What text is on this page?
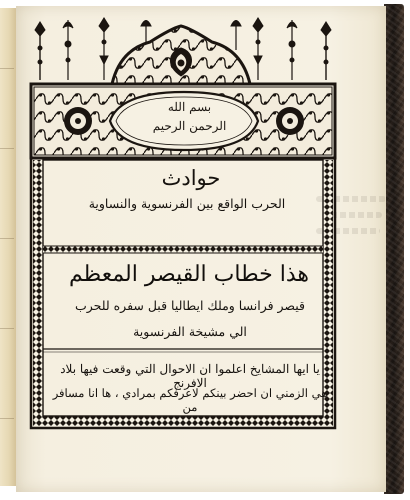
بسم الله
الرحمن الرحيم
حوادث
الحرب الواقع بين الفرنسوية والنساوية
هذا خطاب القيصر المعظم
قيصر فرانسا وملك ايطاليا قبل سفره للحرب
الي مشيخة الفرنسوية
يا ايها المشايخ اعلموا ان الاحوال التي وقعت فيها بلاد الافرنج
هي الزمني ان احضر بينكم لاعرفكم بمرادي ، ها انا مسافر من
